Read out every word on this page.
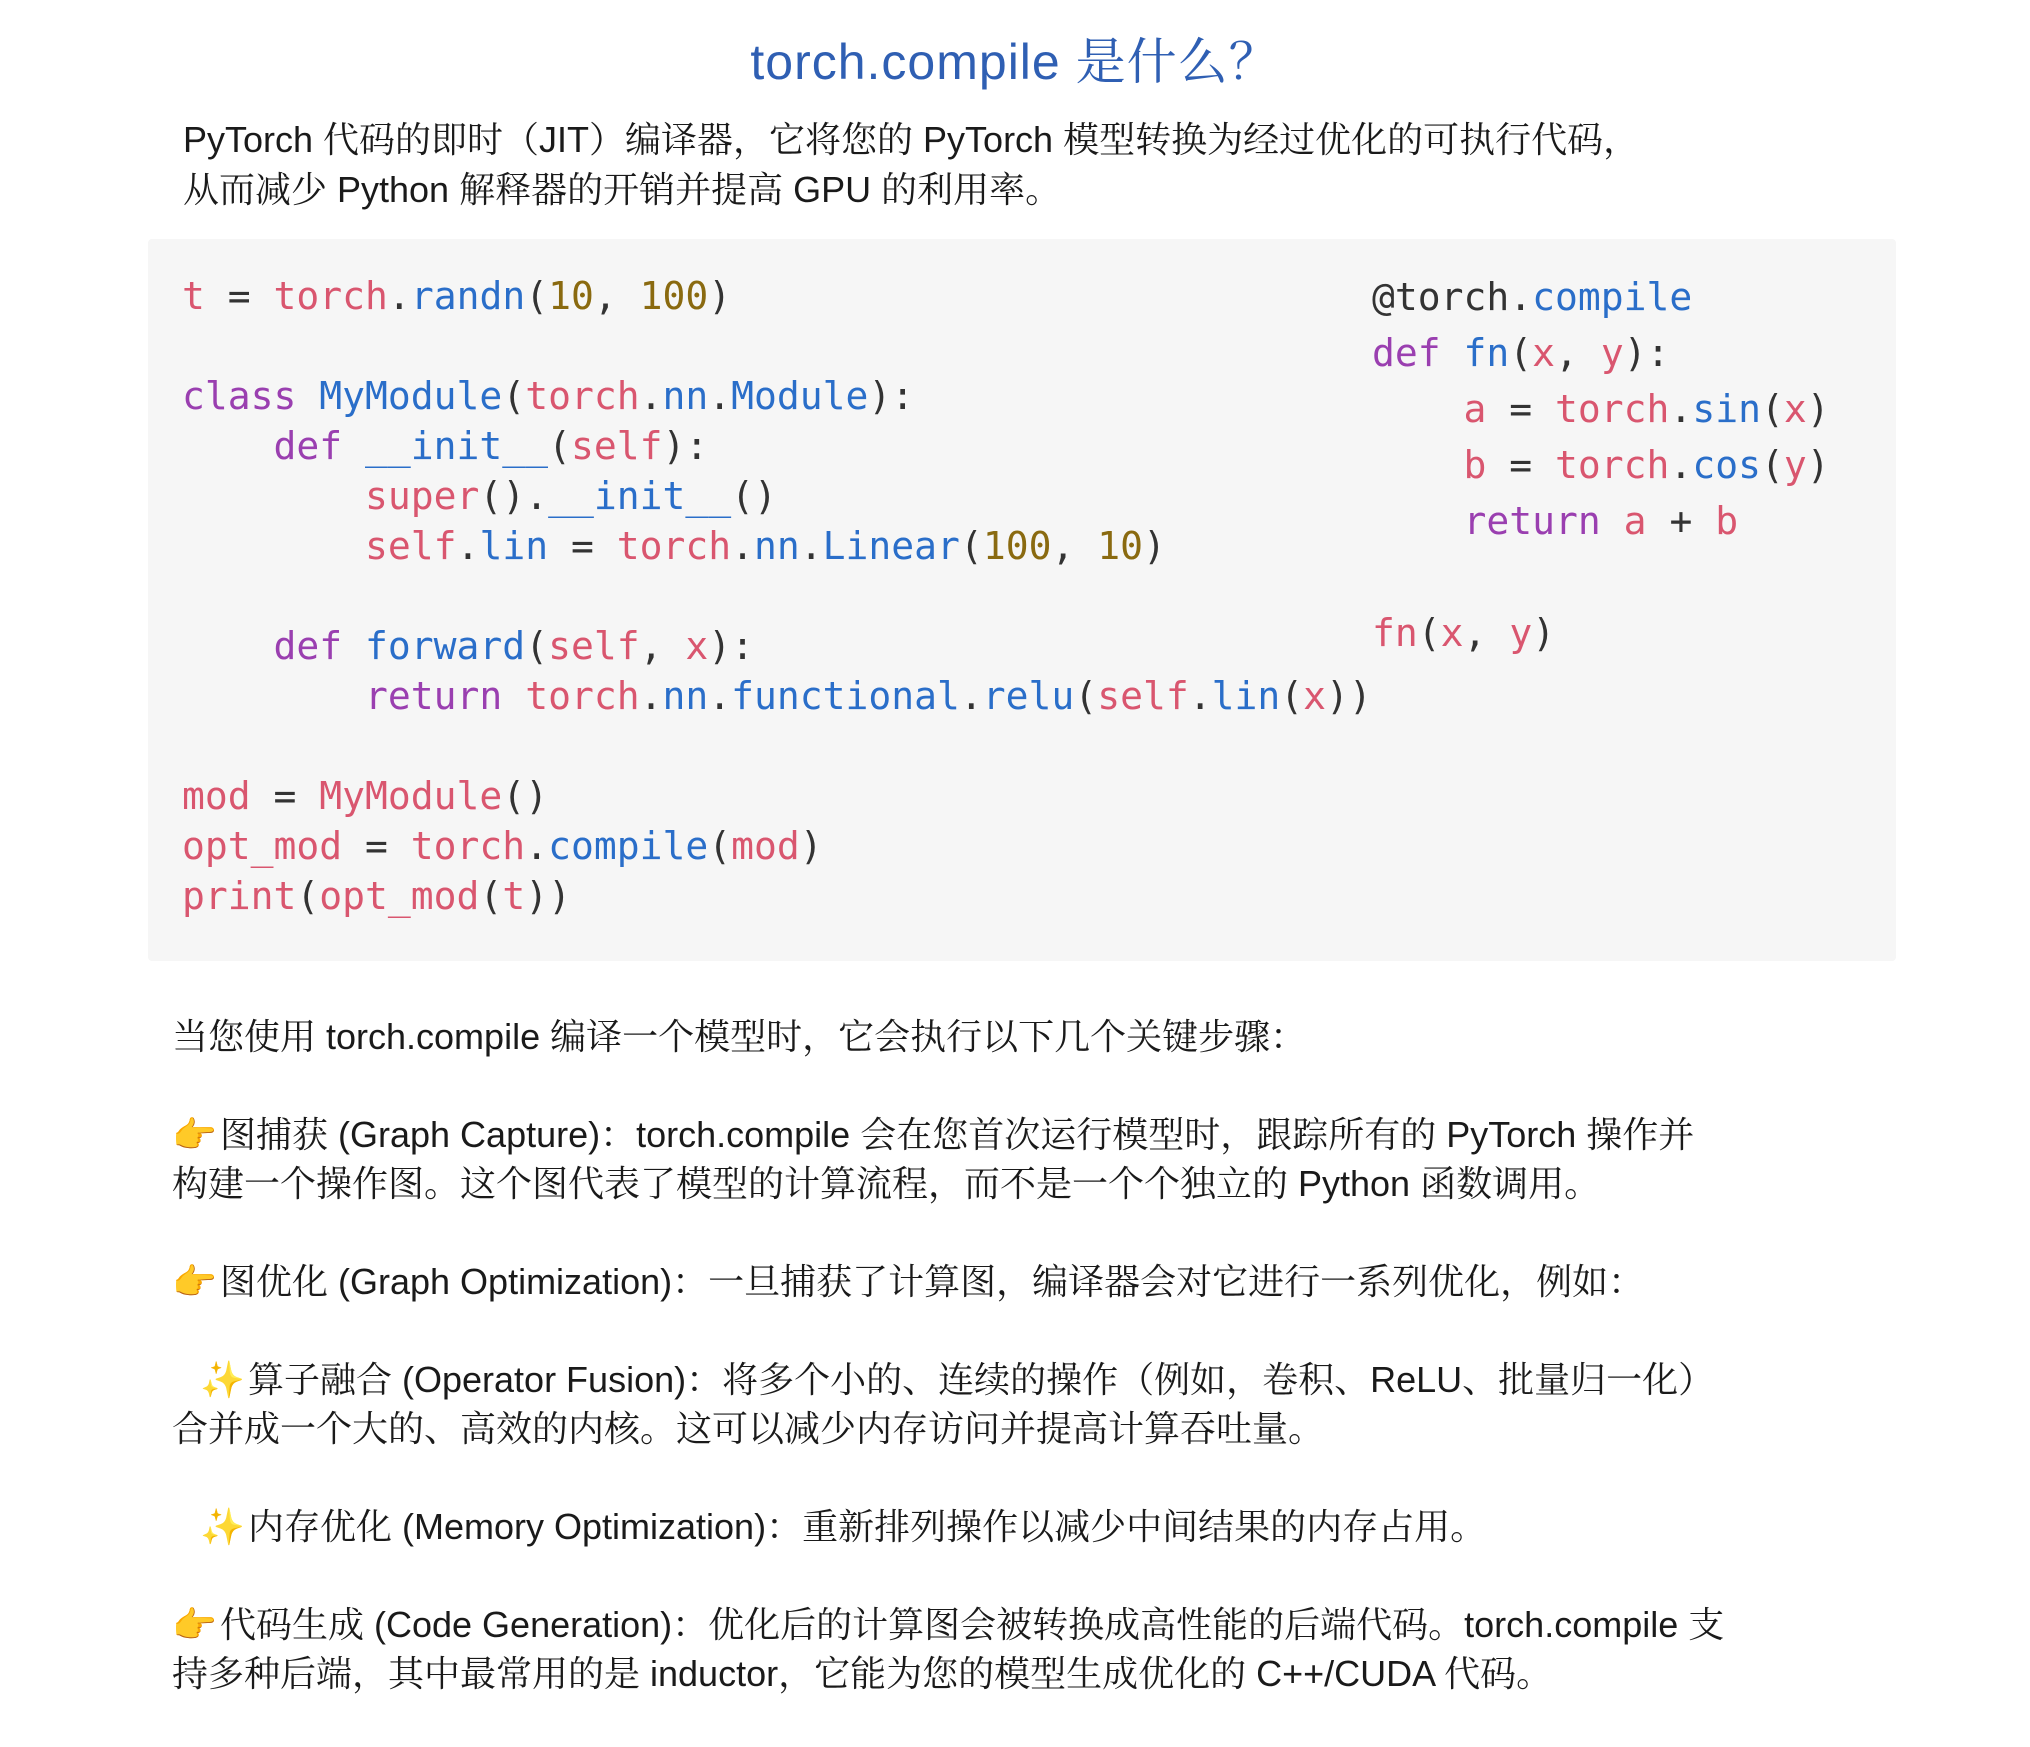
torch.compile 是什么？
PyTorch 代码的即时（JIT）编译器，它将您的 PyTorch 模型转换为经过优化的可执行代码，
从而减少 Python 解释器的开销并提高 GPU 的利用率。
t = torch.randn(10, 100)
class MyModule(torch.nn.Module):
def __init__(self):
super().__init__()
self.lin = torch.nn.Linear(100, 10)
def forward(self, x):
return torch.nn.functional.relu(self.lin(x))
mod = MyModule()
opt_mod = torch.compile(mod)
print(opt_mod(t))
@torch.compile
def fn(x, y):
a = torch.sin(x)
b = torch.cos(y)
return a + b
fn(x, y)

当您使用 torch.compile 编译一个模型时，它会执行以下几个关键步骤：

👉图捕获 (Graph Capture)：torch.compile 会在您首次运行模型时，跟踪所有的 PyTorch 操作并
构建一个操作图。这个图代表了模型的计算流程，而不是一个个独立的 Python 函数调用。

👉图优化 (Graph Optimization)：一旦捕获了计算图，编译器会对它进行一系列优化，例如：

✨算子融合 (Operator Fusion)：将多个小的、连续的操作（例如，卷积、ReLU、批量归一化）
合并成一个大的、高效的内核。这可以减少内存访问并提高计算吞吐量。

✨内存优化 (Memory Optimization)：重新排列操作以减少中间结果的内存占用。

👉代码生成 (Code Generation)：优化后的计算图会被转换成高性能的后端代码。torch.compile 支
持多种后端，其中最常用的是 inductor，它能为您的模型生成优化的 C++/CUDA 代码。
